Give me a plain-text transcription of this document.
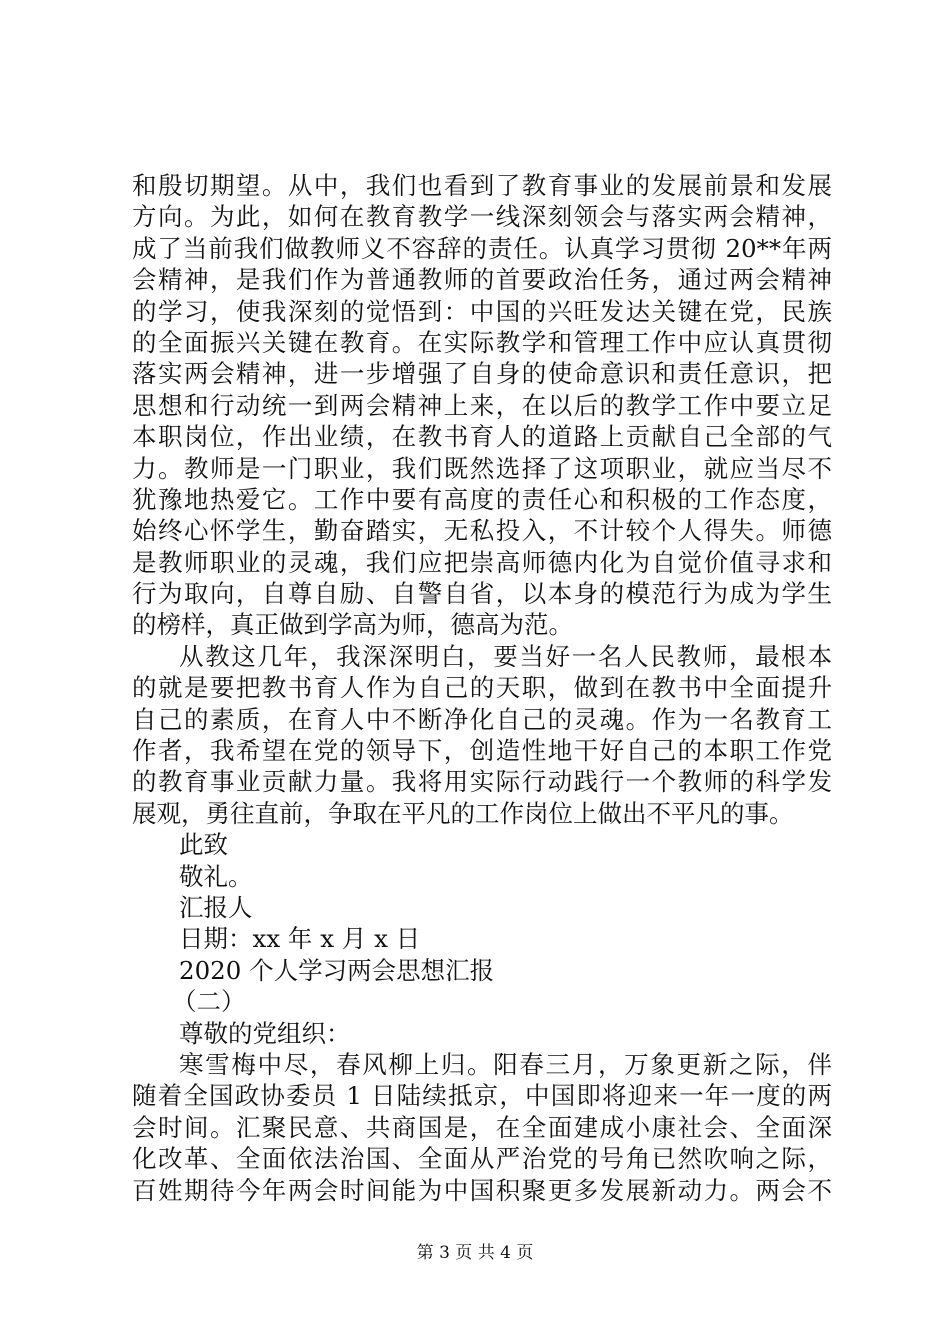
和殷切期望。从中，我们也看到了教育事业的发展前景和发展
方向。为此，如何在教育教学一线深刻领会与落实两会精神，
成了当前我们做教师义不容辞的责任。认真学习贯彻 20**年两
会精神，是我们作为普通教师的首要政治任务，通过两会精神
的学习，使我深刻的觉悟到：中国的兴旺发达关键在党，民族
的全面振兴关键在教育。在实际教学和管理工作中应认真贯彻
落实两会精神，进一步增强了自身的使命意识和责任意识，把
思想和行动统一到两会精神上来，在以后的教学工作中要立足
本职岗位，作出业绩，在教书育人的道路上贡献自己全部的气
力。教师是一门职业，我们既然选择了这项职业，就应当尽不
犹豫地热爱它。工作中要有高度的责任心和积极的工作态度，
始终心怀学生，勤奋踏实，无私投入，不计较个人得失。师德
是教师职业的灵魂，我们应把崇高师德内化为自觉价值寻求和
行为取向，自尊自励、自警自省，以本身的模范行为成为学生
的榜样，真正做到学高为师，德高为范。
从教这几年，我深深明白，要当好一名人民教师，最根本
的就是要把教书育人作为自己的天职，做到在教书中全面提升
自己的素质，在育人中不断净化自己的灵魂。作为一名教育工
作者，我希望在党的领导下，创造性地干好自己的本职工作党
的教育事业贡献力量。我将用实际行动践行一个教师的科学发
展观，勇往直前，争取在平凡的工作岗位上做出不平凡的事。
此致
敬礼。
汇报人
日期：xx 年 x 月 x 日
2020 个人学习两会思想汇报
（二）
尊敬的党组织：
寒雪梅中尽，春风柳上归。阳春三月，万象更新之际，伴
随着全国政协委员 1 日陆续抵京，中国即将迎来一年一度的两
会时间。汇聚民意、共商国是，在全面建成小康社会、全面深
化改革、全面依法治国、全面从严治党的号角已然吹响之际，
百姓期待今年两会时间能为中国积聚更多发展新动力。两会不
第 3 页 共 4 页
